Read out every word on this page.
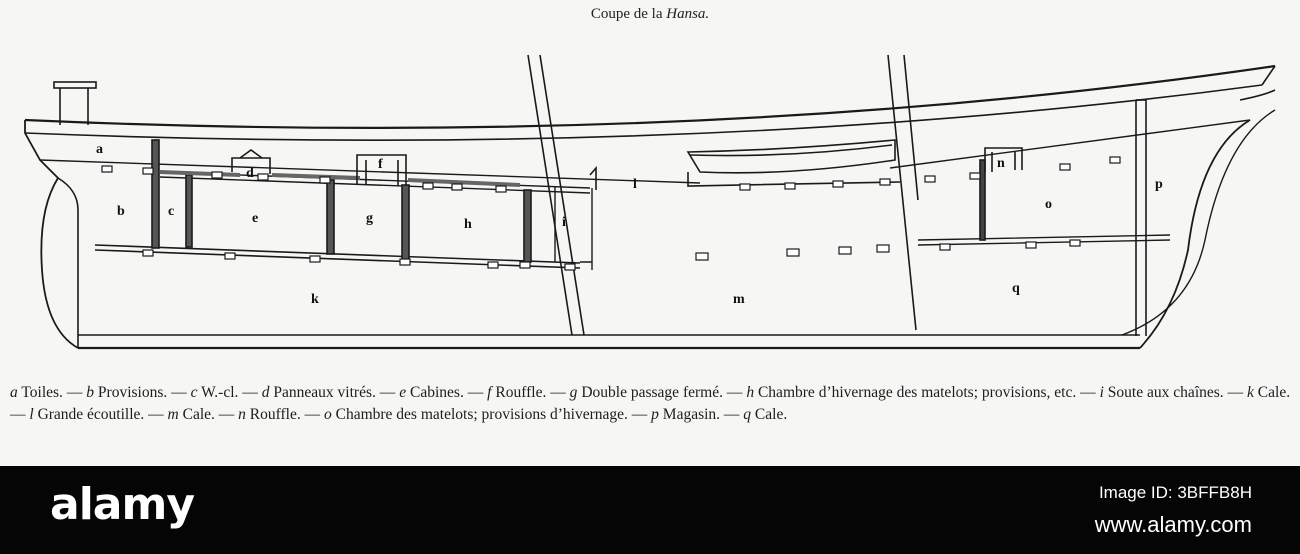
Coupe de la Hansa.
a
b	c
d
e
f
g	h	i
k
l
m
n
o
p
q
a Toiles. — b Provisions. — c W.-cl. — d Panneaux vitrés. — e Cabines. — f Rouffle. — g Double passage fermé. — h Chambre d’hivernage des matelots; provisions, etc. — i Soute aux chaînes. — k Cale. — l Grande écoutille. — m Cale. — n Rouffle. — o Chambre des matelots; provisions d’hivernage. — p Magasin. — q Cale.
alamy	Image ID: 3BFFB8H
www.alamy.com
